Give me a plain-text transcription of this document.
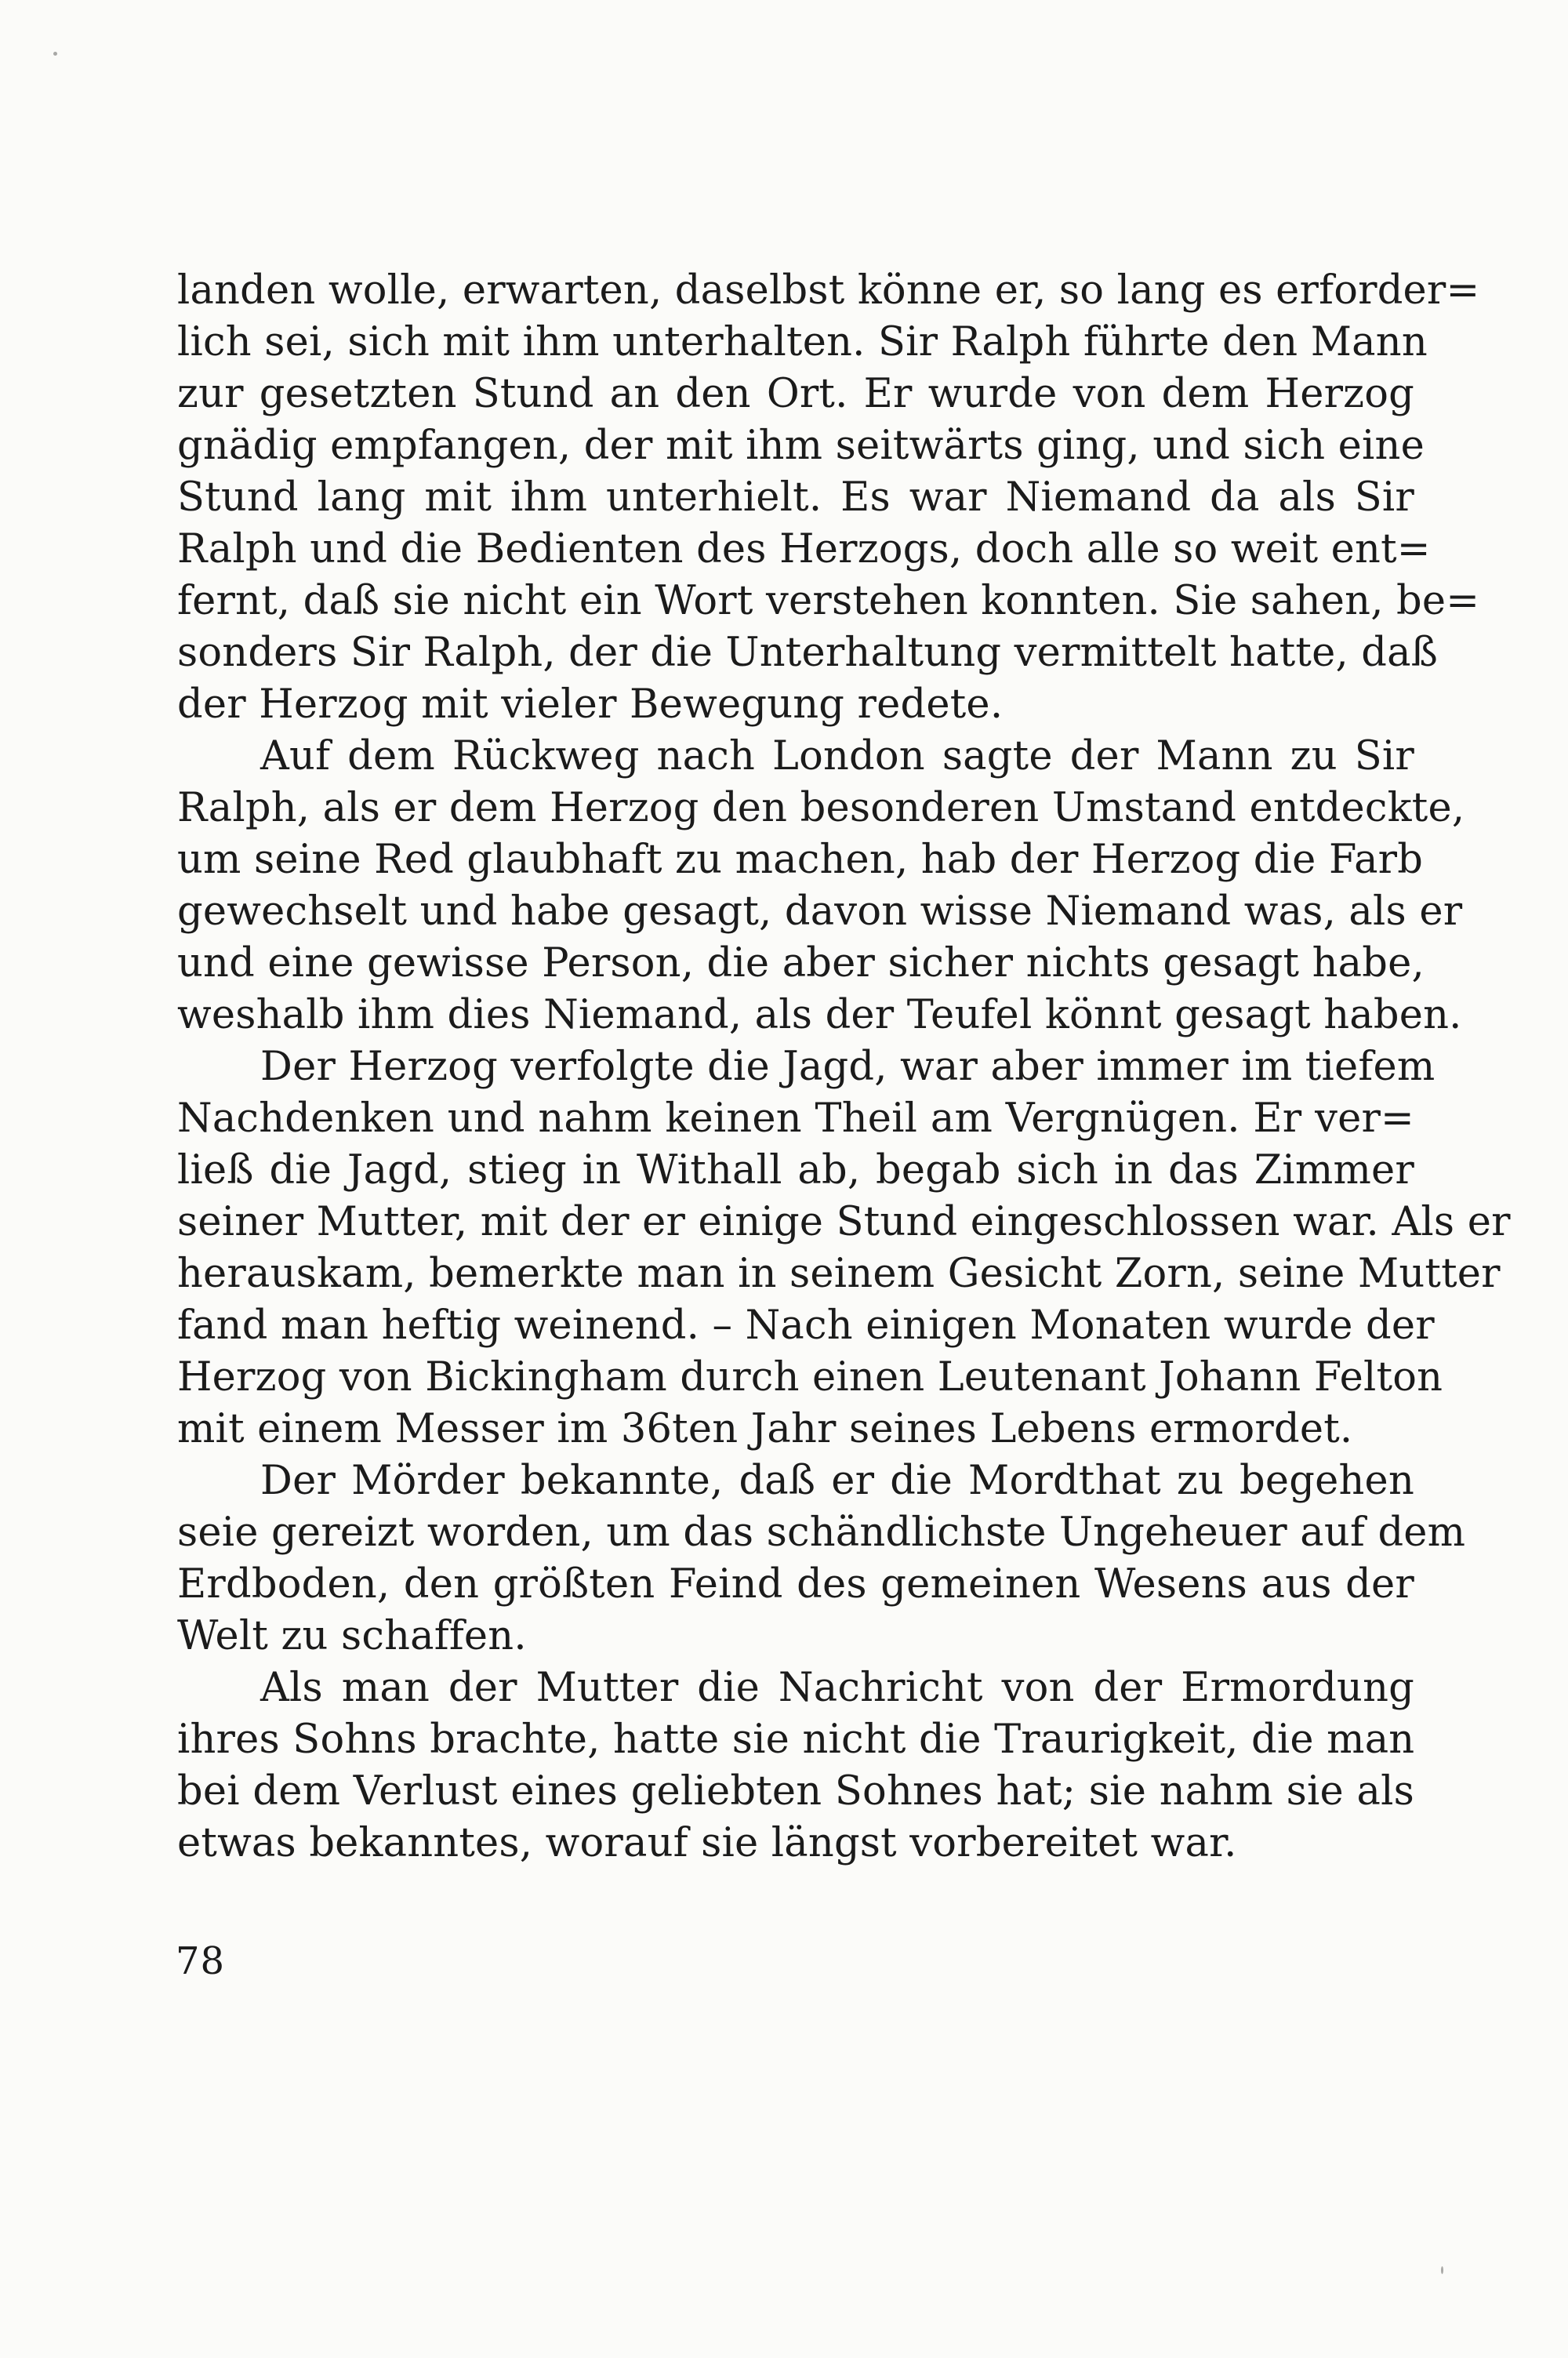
landen wolle, erwarten, daselbst könne er, so lang es erforder=
lich sei, sich mit ihm unterhalten. Sir Ralph führte den Mann
zur gesetzten Stund an den Ort. Er wurde von dem Herzog
gnädig empfangen, der mit ihm seitwärts ging, und sich eine
Stund lang mit ihm unterhielt. Es war Niemand da als Sir
Ralph und die Bedienten des Herzogs, doch alle so weit ent=
fernt, daß sie nicht ein Wort verstehen konnten. Sie sahen, be=
sonders Sir Ralph, der die Unterhaltung vermittelt hatte, daß
der Herzog mit vieler Bewegung redete.
Auf dem Rückweg nach London sagte der Mann zu Sir
Ralph, als er dem Herzog den besonderen Umstand entdeckte,
um seine Red glaubhaft zu machen, hab der Herzog die Farb
gewechselt und habe gesagt, davon wisse Niemand was, als er
und eine gewisse Person, die aber sicher nichts gesagt habe,
weshalb ihm dies Niemand, als der Teufel könnt gesagt haben.
Der Herzog verfolgte die Jagd, war aber immer im tiefem
Nachdenken und nahm keinen Theil am Vergnügen. Er ver=
ließ die Jagd, stieg in Withall ab, begab sich in das Zimmer
seiner Mutter, mit der er einige Stund eingeschlossen war. Als er
herauskam, bemerkte man in seinem Gesicht Zorn, seine Mutter
fand man heftig weinend. – Nach einigen Monaten wurde der
Herzog von Bickingham durch einen Leutenant Johann Felton
mit einem Messer im 36ten Jahr seines Lebens ermordet.
Der Mörder bekannte, daß er die Mordthat zu begehen
seie gereizt worden, um das schändlichste Ungeheuer auf dem
Erdboden, den größten Feind des gemeinen Wesens aus der
Welt zu schaffen.
Als man der Mutter die Nachricht von der Ermordung
ihres Sohns brachte, hatte sie nicht die Traurigkeit, die man
bei dem Verlust eines geliebten Sohnes hat; sie nahm sie als
etwas bekanntes, worauf sie längst vorbereitet war.
78
